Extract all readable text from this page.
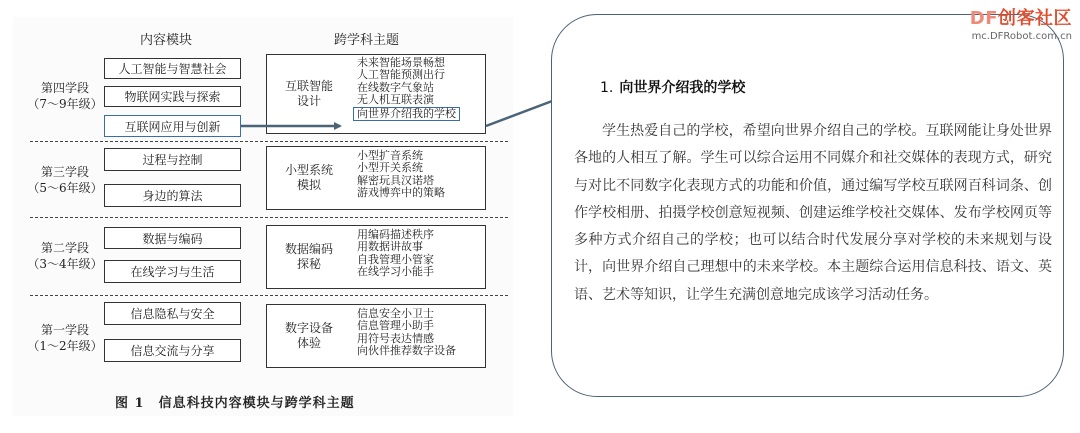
内容模块	跨学科主题
第四学段
（7～9年级）
第三学段
（5～6年级）
第二学段
（3～4年级）
第一学段
（1～2年级）
人工智能与智慧社会
物联网实践与探索
互联网应用与创新
过程与控制
身边的算法
数据与编码
在线学习与生活
信息隐私与安全
信息交流与分享
互联智能
设计
未来智能场景畅想
人工智能预测出行
在线数字气象站
无人机互联表演
向世界介绍我的学校
小型系统
模拟
小型扩音系统
小型开关系统
解密玩具汉诺塔
游戏博弈中的策略
数据编码
探秘
用编码描述秩序
用数据讲故事
自我管理小管家
在线学习小能手
数字设备
体验
信息安全小卫士
信息管理小助手
用符号表达情感
向伙伴推荐数字设备
图 1　信息科技内容模块与跨学科主题
1. 向世界介绍我的学校
学生热爱自己的学校，希望向世界介绍自己的学校。互联网能让身处世界各地的人相互了解。学生可以综合运用不同媒介和社交媒体的表现方式，研究与对比不同数字化表现方式的功能和价值，通过编写学校互联网百科词条、创作学校相册、拍摄学校创意短视频、创建运维学校社交媒体、发布学校网页等多种方式介绍自己的学校；也可以结合时代发展分享对学校的未来规划与设计，向世界介绍自己理想中的未来学校。本主题综合运用信息科技、语文、英语、艺术等知识，让学生充满创意地完成该学习活动任务。
DF创客社区
mc.DFRobot.com.cn
